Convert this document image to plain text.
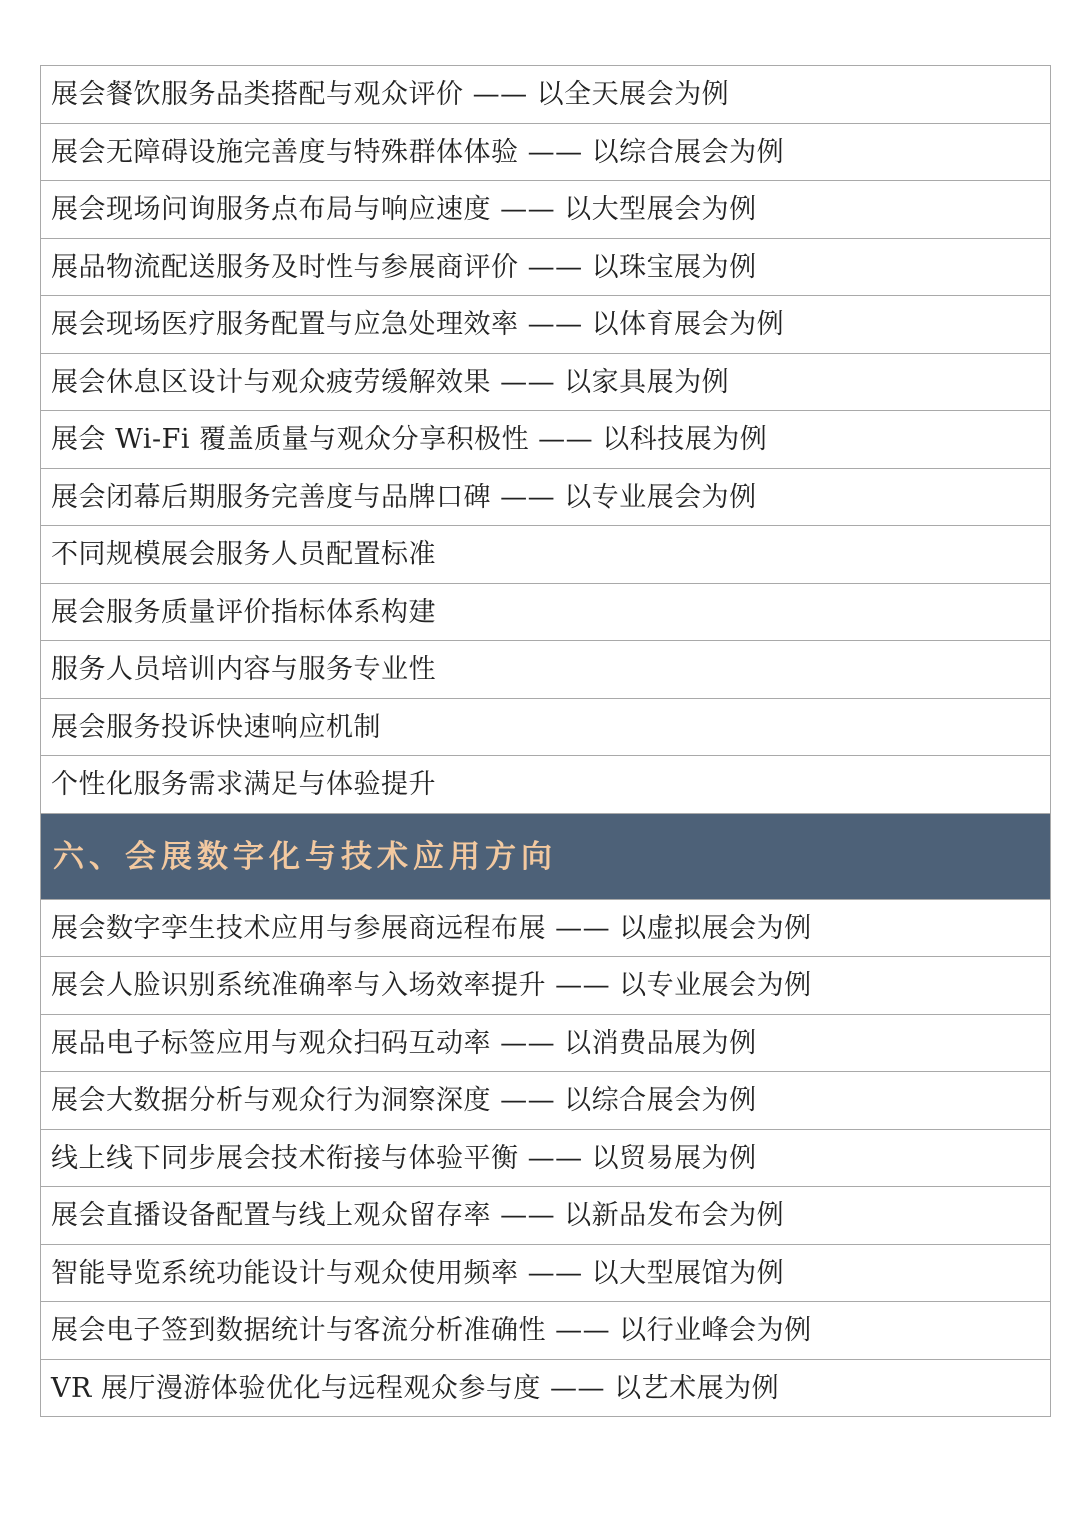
展会餐饮服务品类搭配与观众评价 —— 以全天展会为例
展会无障碍设施完善度与特殊群体体验 —— 以综合展会为例
展会现场问询服务点布局与响应速度 —— 以大型展会为例
展品物流配送服务及时性与参展商评价 —— 以珠宝展为例
展会现场医疗服务配置与应急处理效率 —— 以体育展会为例
展会休息区设计与观众疲劳缓解效果 —— 以家具展为例
展会 Wi-Fi 覆盖质量与观众分享积极性 —— 以科技展为例
展会闭幕后期服务完善度与品牌口碑 —— 以专业展会为例
不同规模展会服务人员配置标准
展会服务质量评价指标体系构建
服务人员培训内容与服务专业性
展会服务投诉快速响应机制
个性化服务需求满足与体验提升
六、会展数字化与技术应用方向
展会数字孪生技术应用与参展商远程布展 —— 以虚拟展会为例
展会人脸识别系统准确率与入场效率提升 —— 以专业展会为例
展品电子标签应用与观众扫码互动率 —— 以消费品展为例
展会大数据分析与观众行为洞察深度 —— 以综合展会为例
线上线下同步展会技术衔接与体验平衡 —— 以贸易展为例
展会直播设备配置与线上观众留存率 —— 以新品发布会为例
智能导览系统功能设计与观众使用频率 —— 以大型展馆为例
展会电子签到数据统计与客流分析准确性 —— 以行业峰会为例
VR 展厅漫游体验优化与远程观众参与度 —— 以艺术展为例
